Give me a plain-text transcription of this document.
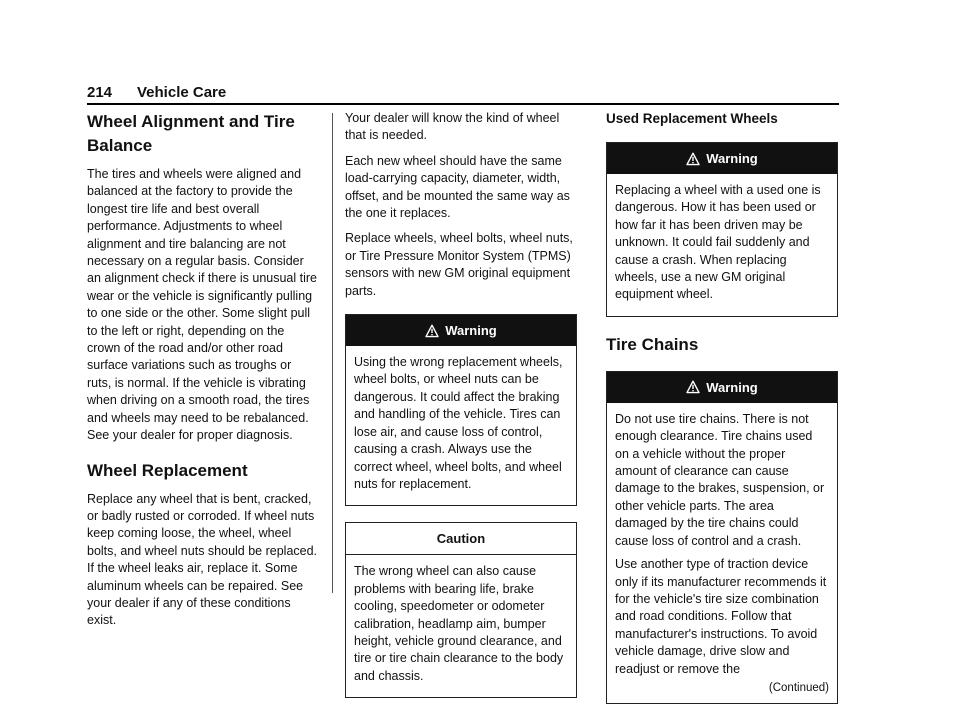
214 Vehicle Care
Wheel Alignment and Tire Balance

The tires and wheels were aligned and balanced at the factory to provide the longest tire life and best overall performance. Adjustments to wheel alignment and tire balancing are not necessary on a regular basis. Consider an alignment check if there is unusual tire wear or the vehicle is significantly pulling to one side or the other. Some slight pull to the left or right, depending on the crown of the road and/or other road surface variations such as troughs or ruts, is normal. If the vehicle is vibrating when driving on a smooth road, the tires and wheels may need to be rebalanced. See your dealer for proper diagnosis.

Wheel Replacement

Replace any wheel that is bent, cracked, or badly rusted or corroded. If wheel nuts keep coming loose, the wheel, wheel bolts, and wheel nuts should be replaced. If the wheel leaks air, replace it. Some aluminum wheels can be repaired. See your dealer if any of these conditions exist.

Your dealer will know the kind of wheel that is needed.

Each new wheel should have the same load-carrying capacity, diameter, width, offset, and be mounted the same way as the one it replaces.

Replace wheels, wheel bolts, wheel nuts, or Tire Pressure Monitor System (TPMS) sensors with new GM original equipment parts.

Warning

Using the wrong replacement wheels, wheel bolts, or wheel nuts can be dangerous. It could affect the braking and handling of the vehicle. Tires can lose air, and cause loss of control, causing a crash. Always use the correct wheel, wheel bolts, and wheel nuts for replacement.

Caution

The wrong wheel can also cause problems with bearing life, brake cooling, speedometer or odometer calibration, headlamp aim, bumper height, vehicle ground clearance, and tire or tire chain clearance to the body and chassis.

Used Replacement Wheels
Warning

Replacing a wheel with a used one is dangerous. How it has been used or how far it has been driven may be unknown. It could fail suddenly and cause a crash. When replacing wheels, use a new GM original equipment wheel.

Tire Chains
Warning

Do not use tire chains. There is not enough clearance. Tire chains used on a vehicle without the proper amount of clearance can cause damage to the brakes, suspension, or other vehicle parts. The area damaged by the tire chains could cause loss of control and a crash.

Use another type of traction device only if its manufacturer recommends it for the vehicle's tire size combination and road conditions. Follow that manufacturer's instructions. To avoid vehicle damage, drive slow and readjust or remove the

(Continued)
